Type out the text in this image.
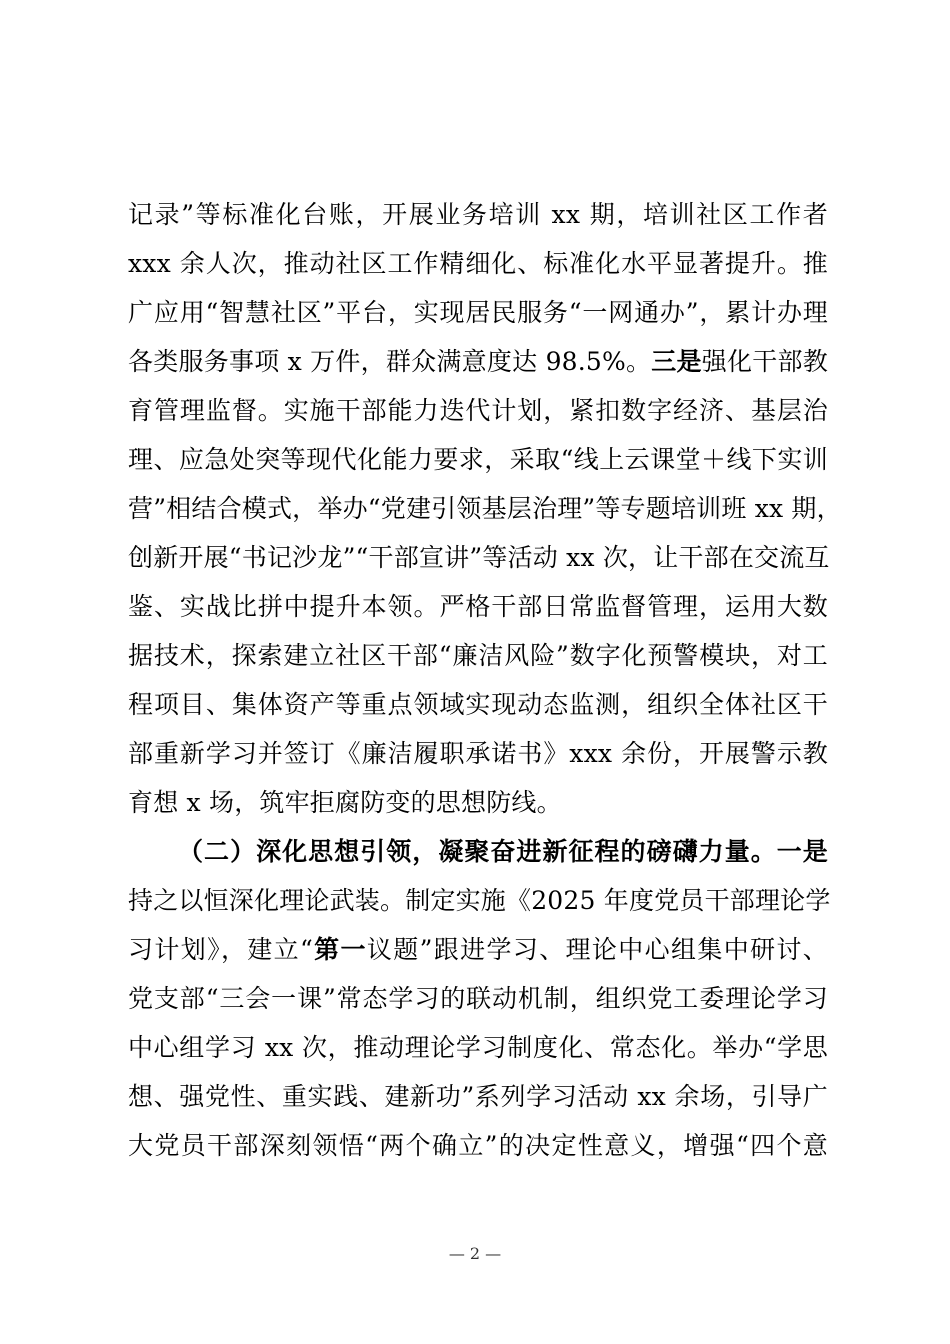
记录”等标准化台账，开展业务培训 xx 期，培训社区工作者
xxx 余人次，推动社区工作精细化、标准化水平显著提升。推
广应用“智慧社区”平台，实现居民服务“一网通办”，累计办理
各类服务事项 x 万件，群众满意度达 98.5%。三是强化干部教
育管理监督。实施干部能力迭代计划，紧扣数字经济、基层治
理、应急处突等现代化能力要求，采取“线上云课堂＋线下实训
营”相结合模式，举办“党建引领基层治理”等专题培训班 xx 期，
创新开展“书记沙龙”“干部宣讲”等活动 xx 次，让干部在交流互
鉴、实战比拼中提升本领。严格干部日常监督管理，运用大数
据技术，探索建立社区干部“廉洁风险”数字化预警模块，对工
程项目、集体资产等重点领域实现动态监测，组织全体社区干
部重新学习并签订《廉洁履职承诺书》xxx 余份，开展警示教
育想 x 场，筑牢拒腐防变的思想防线。
（二）深化思想引领，凝聚奋进新征程的磅礴力量。一是
持之以恒深化理论武装。制定实施《2025 年度党员干部理论学
习计划》，建立“第一议题”跟进学习、理论中心组集中研讨、
党支部“三会一课”常态学习的联动机制，组织党工委理论学习
中心组学习 xx 次，推动理论学习制度化、常态化。举办“学思
想、强党性、重实践、建新功”系列学习活动 xx 余场，引导广
大党员干部深刻领悟“两个确立”的决定性意义，增强“四个意
— 2 —
